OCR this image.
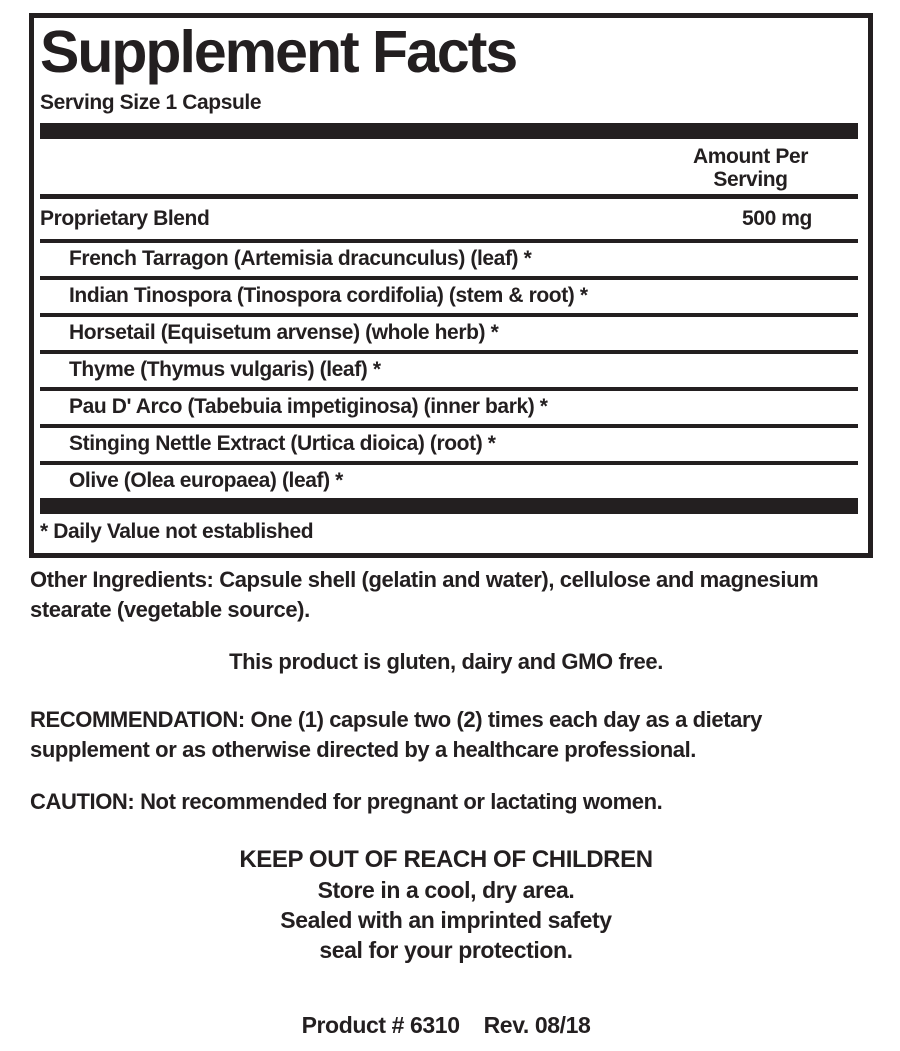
Supplement Facts
Serving Size 1 Capsule
Amount Per
Serving
Proprietary Blend	500 mg
French Tarragon (Artemisia dracunculus) (leaf) *
Indian Tinospora (Tinospora cordifolia) (stem & root) *
Horsetail (Equisetum arvense) (whole herb) *
Thyme (Thymus vulgaris) (leaf) *
Pau D' Arco (Tabebuia impetiginosa) (inner bark) *
Stinging Nettle Extract (Urtica dioica) (root) *
Olive (Olea europaea) (leaf) *
* Daily Value not established

Other Ingredients: Capsule shell (gelatin and water), cellulose and magnesium stearate (vegetable source).

This product is gluten, dairy and GMO free.

RECOMMENDATION: One (1) capsule two (2) times each day as a dietary supplement or as otherwise directed by a healthcare professional.

CAUTION: Not recommended for pregnant or lactating women.

KEEP OUT OF REACH OF CHILDREN
Store in a cool, dry area.
Sealed with an imprinted safety
seal for your protection.
Product # 6310 Rev. 08/18
